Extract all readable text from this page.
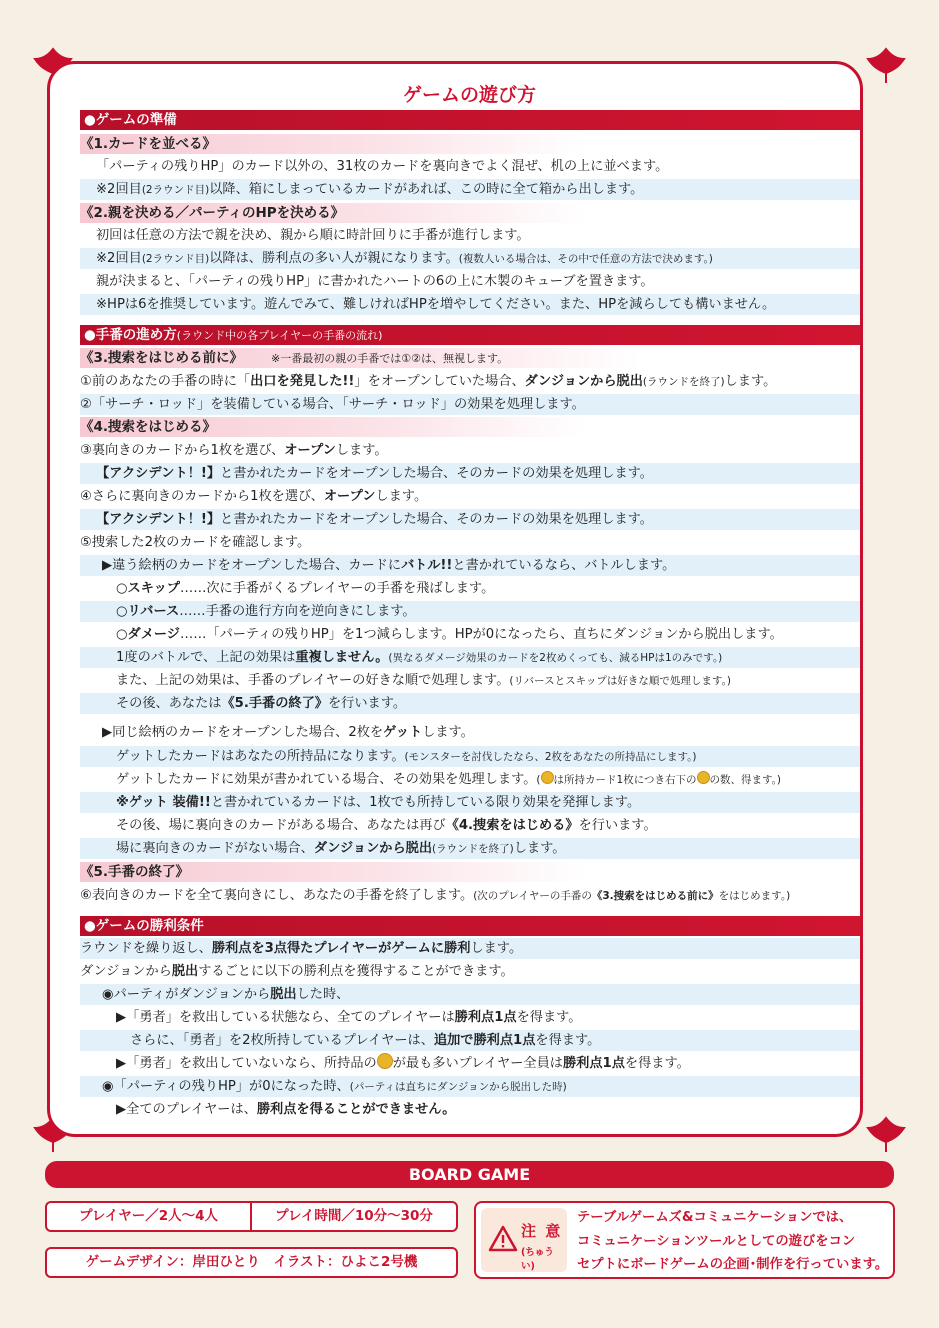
ゲームの遊び方
●ゲームの準備
《1.カードを並べる》
「パーティの残りHP」のカード以外の、31枚のカードを裏向きでよく混ぜ、机の上に並べます。
※2回目(2ラウンド目)以降、箱にしまっているカードがあれば、この時に全て箱から出します。
《2.親を決める／パーティのHPを決める》
初回は任意の方法で親を決め、親から順に時計回りに手番が進行します。
※2回目(2ラウンド目)以降は、勝利点の多い人が親になります。(複数人いる場合は、その中で任意の方法で決めます。)
親が決まると、「パーティの残りHP」に書かれたハートの6の上に木製のキューブを置きます。
※HPは6を推奨しています。遊んでみて、難しければHPを増やしてください。また、HPを減らしても構いません。
●手番の進め方(ラウンド中の各プレイヤーの手番の流れ)
《3.捜索をはじめる前に》	※一番最初の親の手番では①②は、無視します。
①前のあなたの手番の時に「出口を発見した!!」をオープンしていた場合、ダンジョンから脱出(ラウンドを終了)します。
②「サーチ・ロッド」を装備している場合、「サーチ・ロッド」の効果を処理します。
《4.捜索をはじめる》
③裏向きのカードから1枚を選び、オープンします。
【アクシデント！!】と書かれたカードをオープンした場合、そのカードの効果を処理します。
④さらに裏向きのカードから1枚を選び、オープンします。
【アクシデント！!】と書かれたカードをオープンした場合、そのカードの効果を処理します。
⑤捜索した2枚のカードを確認します。
▶違う絵柄のカードをオープンした場合、カードにバトル!!と書かれているなら、バトルします。
○スキップ……次に手番がくるプレイヤーの手番を飛ばします。
○リバース……手番の進行方向を逆向きにします。
○ダメージ……「パーティの残りHP」を1つ減らします。HPが0になったら、直ちにダンジョンから脱出します。
1度のバトルで、上記の効果は重複しません。(異なるダメージ効果のカードを2枚めくっても、減るHPは1のみです。)
また、上記の効果は、手番のプレイヤーの好きな順で処理します。(リバースとスキップは好きな順で処理します。)
その後、あなたは《5.手番の終了》を行います。
▶同じ絵柄のカードをオープンした場合、2枚をゲットします。
ゲットしたカードはあなたの所持品になります。(モンスターを討伐したなら、2枚をあなたの所持品にします。)
ゲットしたカードに効果が書かれている場合、その効果を処理します。( は所持カード1枚につき右下の の数、得ます。)
※ゲット 装備!!と書かれているカードは、1枚でも所持している限り効果を発揮します。
その後、場に裏向きのカードがある場合、あなたは再び《4.捜索をはじめる》を行います。
場に裏向きのカードがない場合、ダンジョンから脱出(ラウンドを終了)します。
《5.手番の終了》
⑥表向きのカードを全て裏向きにし、あなたの手番を終了します。(次のプレイヤーの手番の《3.捜索をはじめる前に》をはじめます。)
●ゲームの勝利条件
ラウンドを繰り返し、勝利点を3点得たプレイヤーがゲームに勝利します。
ダンジョンから脱出するごとに以下の勝利点を獲得することができます。
◉パーティがダンジョンから脱出した時、
▶「勇者」を救出している状態なら、全てのプレイヤーは勝利点1点を得ます。
さらに、「勇者」を2枚所持しているプレイヤーは、追加で勝利点1点を得ます。
▶「勇者」を救出していないなら、所持品の が最も多いプレイヤー全員は勝利点1点を得ます。
◉「パーティの残りHP」が0になった時、(パーティは直ちにダンジョンから脱出した時)
▶全てのプレイヤーは、勝利点を得ることができません。
BOARD GAME
プレイヤー／2人〜4人	プレイ時間／10分〜30分
ゲームデザイン：岸田ひとり　イラスト：ひよこ2号機
注 意
(ちゅうい)
テーブルゲームズ&コミュニケーションでは、
コミュニケーションツールとしての遊びをコン
セプトにボードゲームの企画･制作を行っています。
